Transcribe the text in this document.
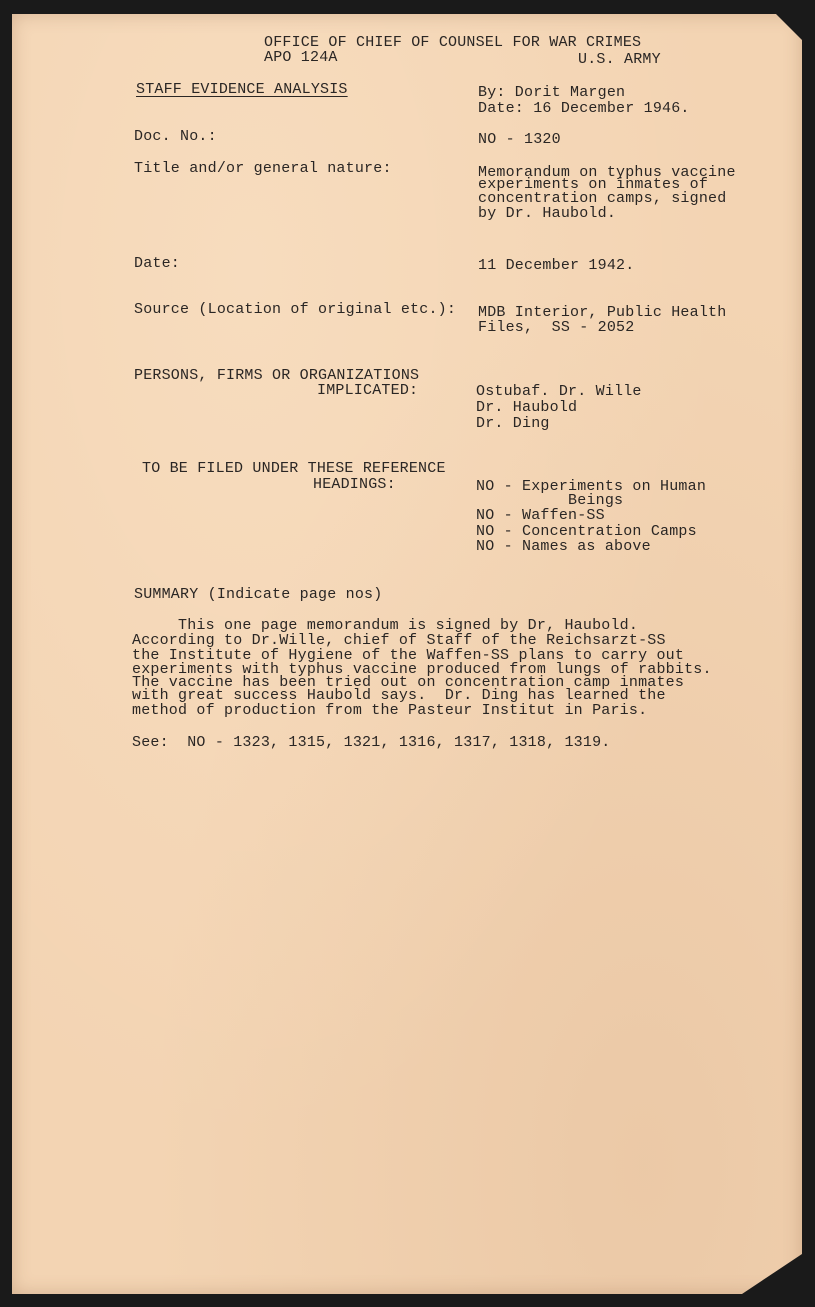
OFFICE OF CHIEF OF COUNSEL FOR WAR CRIMES
APO 124A	U.S. ARMY
STAFF EVIDENCE ANALYSIS	By: Dorit Margen
Date: 16 December 1946.
Doc. No.:	NO - 1320
Title and/or general nature:	Memorandum on typhus vaccine
experiments on inmates of
concentration camps, signed
by Dr. Haubold.
Date:	11 December 1942.
Source (Location of original etc.): MDB Interior, Public Health
Files,  SS - 2052
PERSONS, FIRMS OR ORGANIZATIONS
IMPLICATED:	Ostubaf. Dr. Wille
Dr. Haubold
Dr. Ding
TO BE FILED UNDER THESE REFERENCE
HEADINGS:	NO - Experiments on Human
Beings
NO - Waffen-SS
NO - Concentration Camps
NO - Names as above
SUMMARY (Indicate page nos)
This one page memorandum is signed by Dr, Haubold.
According to Dr.Wille, chief of Staff of the Reichsarzt-SS
the Institute of Hygiene of the Waffen-SS plans to carry out
experiments with typhus vaccine produced from lungs of rabbits.
The vaccine has been tried out on concentration camp inmates
with great success Haubold says.  Dr. Ding has learned the
method of production from the Pasteur Institut in Paris.
See:  NO - 1323, 1315, 1321, 1316, 1317, 1318, 1319.
